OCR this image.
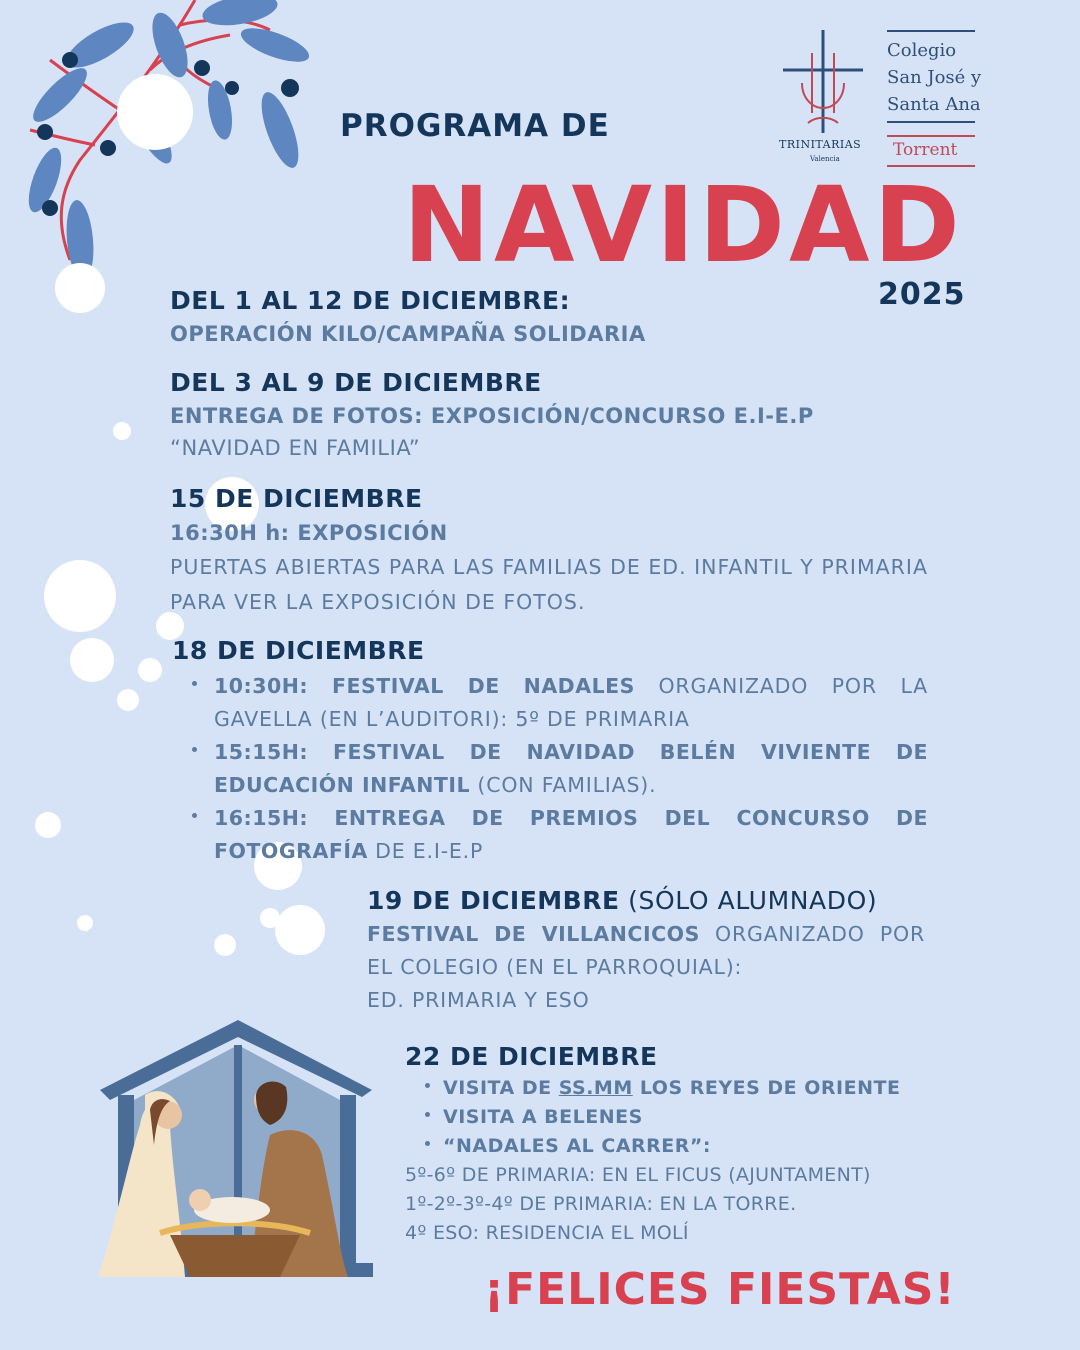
TRINITARIAS
Valencia
Colegio
San José y
Santa Ana
Torrent
PROGRAMA DE
NAVIDAD
2025
DEL 1 AL 12 DE DICIEMBRE:
OPERACIÓN KILO/CAMPAÑA SOLIDARIA
DEL 3 AL 9 DE DICIEMBRE
ENTREGA DE FOTOS: EXPOSICIÓN/CONCURSO E.I-E.P
“NAVIDAD EN FAMILIA”
15 DE DICIEMBRE
16:30H h: EXPOSICIÓN
PUERTAS ABIERTAS PARA LAS FAMILIAS DE ED. INFANTIL Y PRIMARIA PARA VER LA EXPOSICIÓN DE FOTOS.
18 DE DICIEMBRE
10:30H: FESTIVAL DE NADALES ORGANIZADO POR LA GAVELLA (EN L’AUDITORI): 5º DE PRIMARIA
15:15H: FESTIVAL DE NAVIDAD BELÉN VIVIENTE DE EDUCACIÓN INFANTIL (CON FAMILIAS).
16:15H: ENTREGA DE PREMIOS DEL CONCURSO DE FOTOGRAFÍA DE E.I-E.P
19 DE DICIEMBRE (SÓLO ALUMNADO)
FESTIVAL DE VILLANCICOS ORGANIZADO POR EL COLEGIO (EN EL PARROQUIAL):
ED. PRIMARIA Y ESO
22 DE DICIEMBRE
VISITA DE SS.MM LOS REYES DE ORIENTE
VISITA A BELENES
“NADALES AL CARRER”:
5º-6º DE PRIMARIA: EN EL FICUS (AJUNTAMENT)
1º-2º-3º-4º DE PRIMARIA: EN LA TORRE.
4º ESO: RESIDENCIA EL MOLÍ
¡FELICES FIESTAS!
